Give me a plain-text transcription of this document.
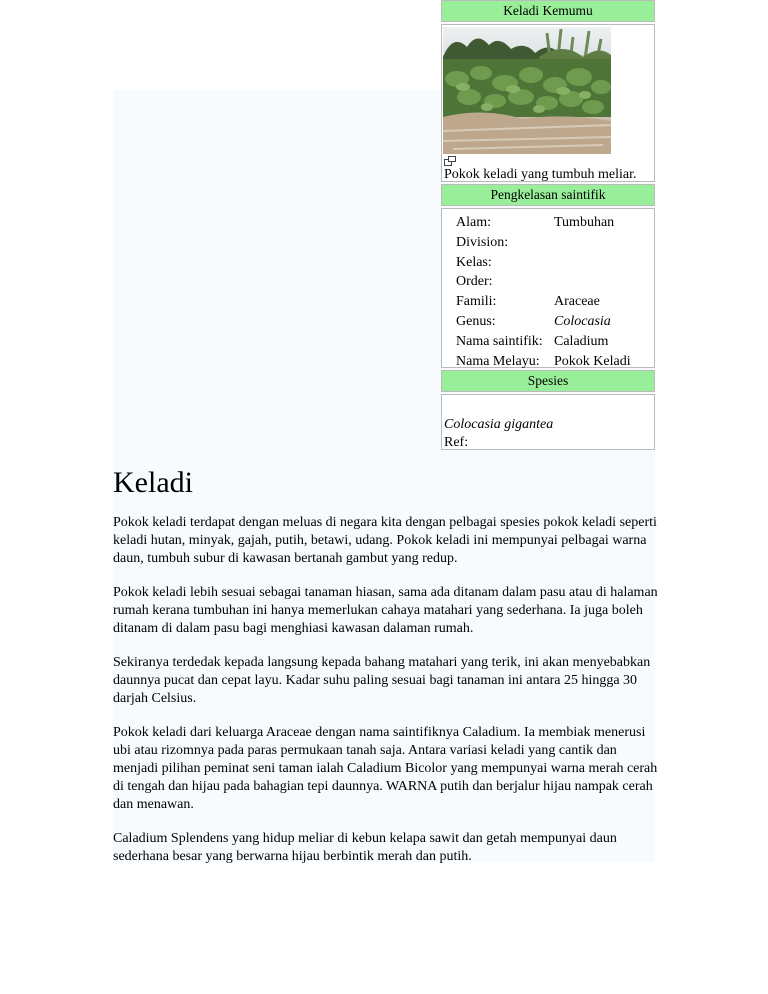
Keladi Kemumu
Pokok keladi yang tumbuh meliar.
Pengkelasan saintifik
Alam:	Tumbuhan
Division:
Kelas:
Order:
Famili:	Araceae
Genus:	Colocasia
Nama saintifik: Caladium
Nama Melayu:	Pokok Keladi
Spesies
Colocasia gigantea
Ref:
Keladi

Pokok keladi terdapat dengan meluas di negara kita dengan pelbagai spesies pokok keladi seperti keladi hutan, minyak, gajah, putih, betawi, udang. Pokok keladi ini mempunyai pelbagai warna daun, tumbuh subur di kawasan bertanah gambut yang redup.

Pokok keladi lebih sesuai sebagai tanaman hiasan, sama ada ditanam dalam pasu atau di halaman rumah kerana tumbuhan ini hanya memerlukan cahaya matahari yang sederhana. Ia juga boleh ditanam di dalam pasu bagi menghiasi kawasan dalaman rumah.

Sekiranya terdedak kepada langsung kepada bahang matahari yang terik, ini akan menyebabkan daunnya pucat dan cepat layu. Kadar suhu paling sesuai bagi tanaman ini antara 25 hingga 30 darjah Celsius.

Pokok keladi dari keluarga Araceae dengan nama saintifiknya Caladium. Ia membiak menerusi ubi atau rizomnya pada paras permukaan tanah saja. Antara variasi keladi yang cantik dan menjadi pilihan peminat seni taman ialah Caladium Bicolor yang mempunyai warna merah cerah di tengah dan hijau pada bahagian tepi daunnya. WARNA putih dan berjalur hijau nampak cerah dan menawan.

Caladium Splendens yang hidup meliar di kebun kelapa sawit dan getah mempunyai daun sederhana besar yang berwarna hijau berbintik merah dan putih.
